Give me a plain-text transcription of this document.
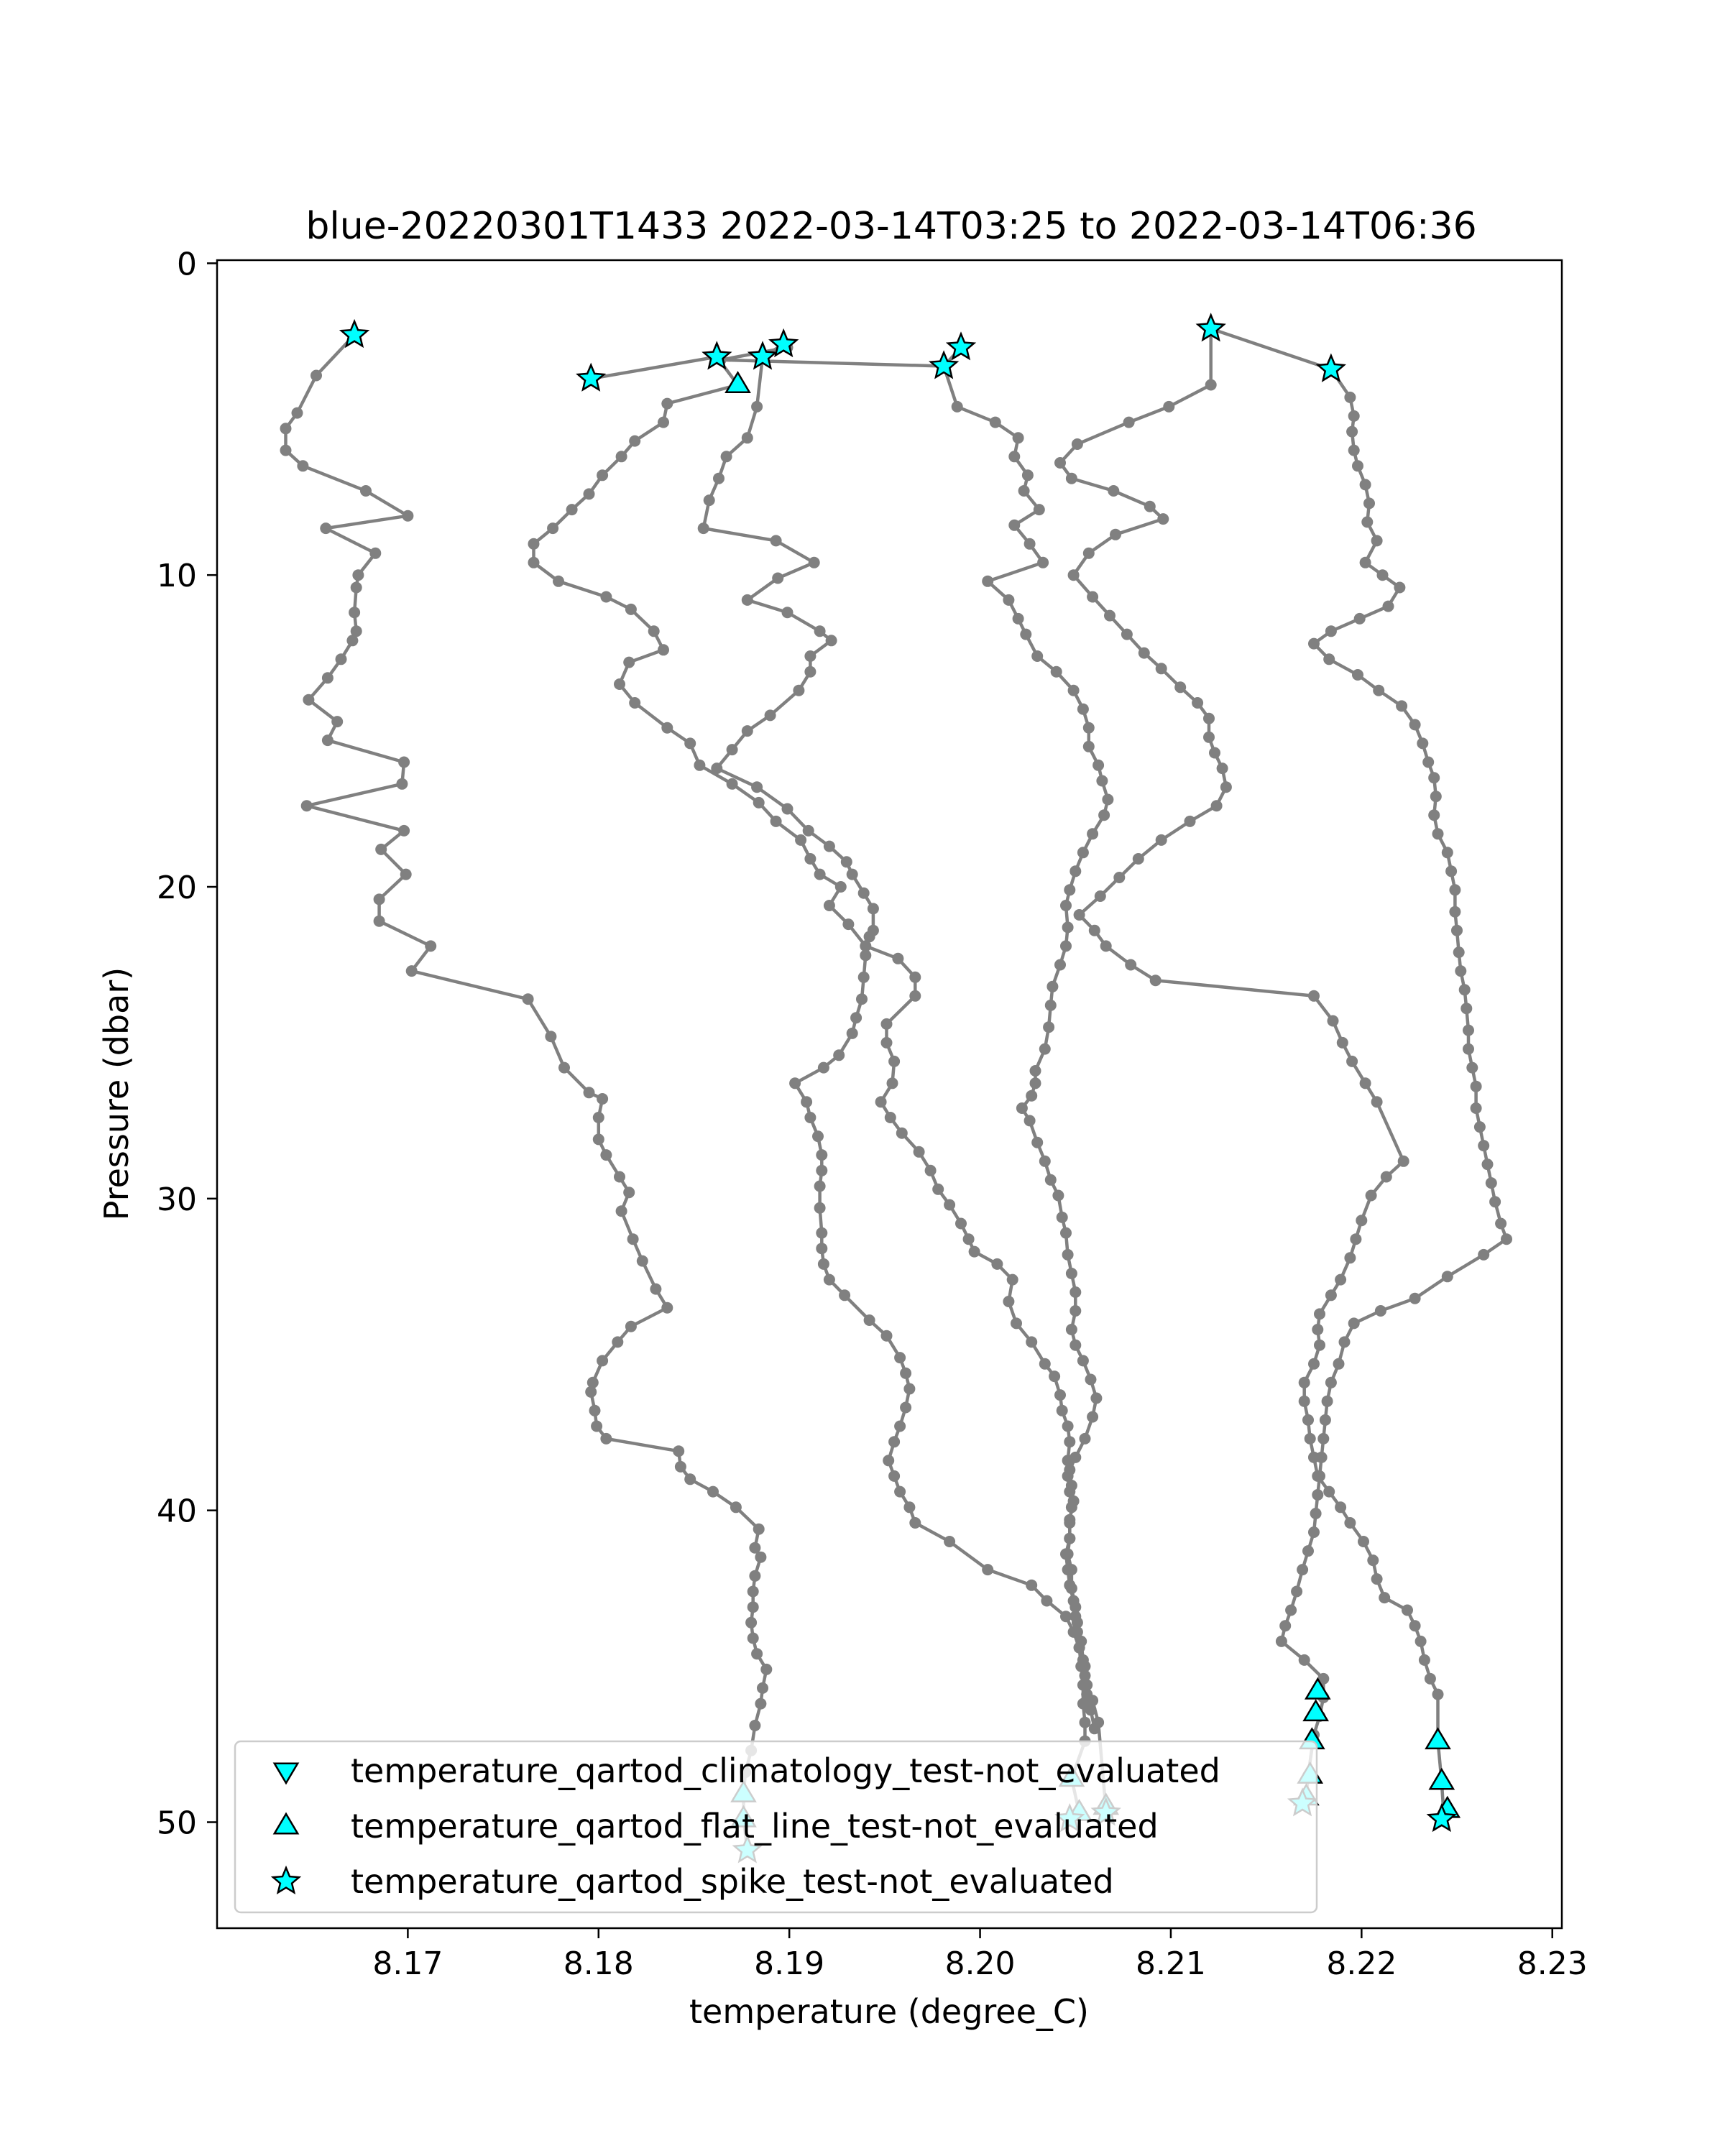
blue-20220301T1433 2022-03-14T03:25 to 2022-03-14T06:36
8.17	8.18	8.19	8.20	8.21	8.22	8.23
0
10
20
30
40
50
temperature (degree_C)
Pressure (dbar)
temperature_qartod_climatology_test-not_evaluated
temperature_qartod_flat_line_test-not_evaluated
temperature_qartod_spike_test-not_evaluated
